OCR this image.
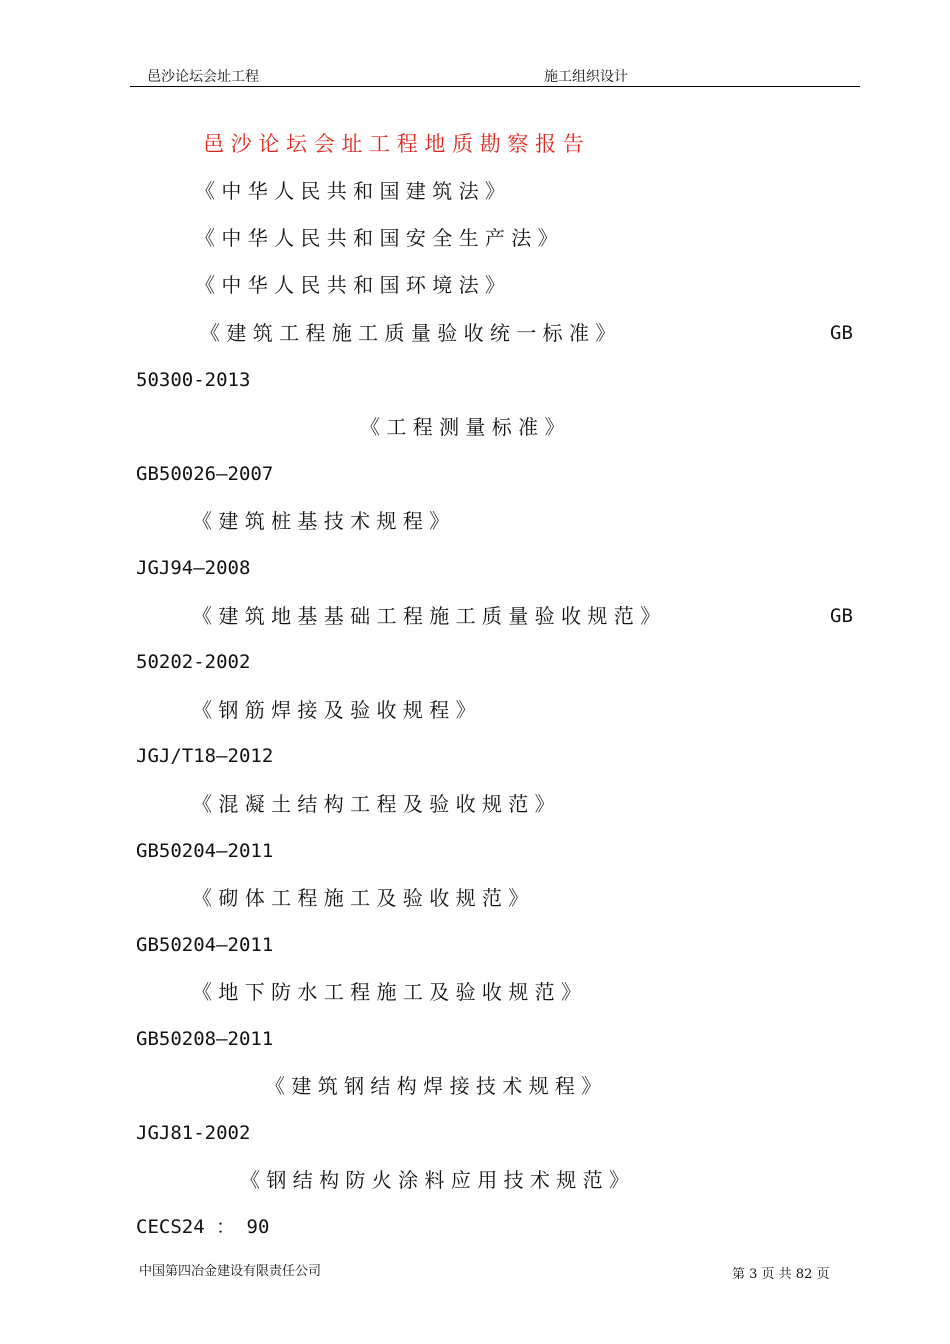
邑沙论坛会址工程	施工组织设计
邑 沙 论 坛 会 址 工 程 地 质 勘 察 报 告
《 中 华 人 民 共 和 国 建 筑 法 》
《 中 华 人 民 共 和 国 安 全 生 产 法 》
《 中 华 人 民 共 和 国 环 境 法 》
《 建 筑 工 程 施 工 质 量 验 收 统 一 标 准 》	GB
50300-2013
《 工 程 测 量 标 准 》
GB50026—2007
《 建 筑 桩 基 技 术 规 程 》
JGJ94—2008
《 建 筑 地 基 基 础 工 程 施 工 质 量 验 收 规 范 》	GB
50202-2002
《 钢 筋 焊 接 及 验 收 规 程 》
JGJ/T18—2012
《 混 凝 土 结 构 工 程 及 验 收 规 范 》
GB50204—2011
《 砌 体 工 程 施 工 及 验 收 规 范 》
GB50204—2011
《 地 下 防 水 工 程 施 工 及 验 收 规 范 》
GB50208—2011
《 建 筑 钢 结 构 焊 接 技 术 规 程 》
JGJ81-2002
《 钢 结 构 防 火 涂 料 应 用 技 术 规 范 》
CECS24 ： 90
中国第四冶金建设有限责任公司	第 3 页 共 82 页
